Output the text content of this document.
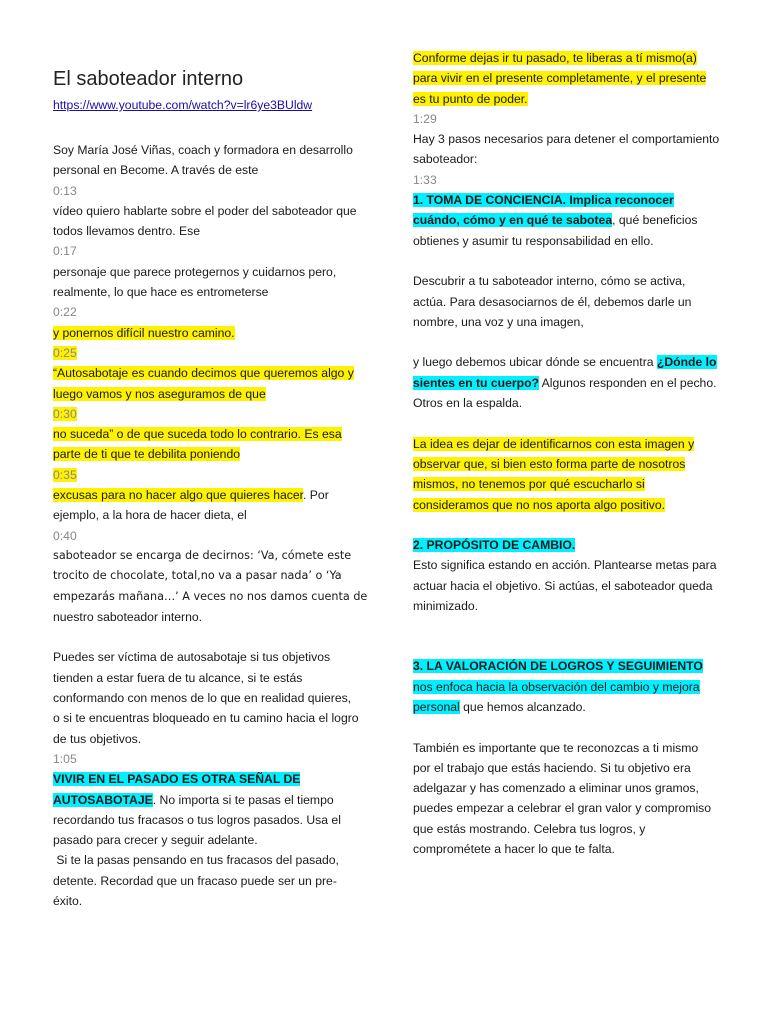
El saboteador interno
https://www.youtube.com/watch?v=lr6ye3BUldw

Soy María José Viñas, coach y formadora en desarrollo

personal en Become. A través de este

0:13

vídeo quiero hablarte sobre el poder del saboteador que

todos llevamos dentro. Ese

0:17

personaje que parece protegernos y cuidarnos pero,

realmente, lo que hace es entrometerse

0:22

y ponernos difícil nuestro camino.

0:25

“Autosabotaje es cuando decimos que queremos algo y

luego vamos y nos aseguramos de que

0:30

no suceda” o de que suceda todo lo contrario. Es esa

parte de ti que te debilita poniendo

0:35

excusas para no hacer algo que quieres hacer. Por

ejemplo, a la hora de hacer dieta, el

0:40

saboteador se encarga de decirnos: ‘Va, cómete este

trocito de chocolate, total,no va a pasar nada’ o ‘Ya

empezarás mañana…’ A veces no nos damos cuenta de

nuestro saboteador interno.

Puedes ser víctima de autosabotaje si tus objetivos

tienden a estar fuera de tu alcance, si te estás

conformando con menos de lo que en realidad quieres,

o si te encuentras bloqueado en tu camino hacia el logro

de tus objetivos.

1:05

VIVIR EN EL PASADO ES OTRA SEÑAL DE

AUTOSABOTAJE. No importa si te pasas el tiempo

recordando tus fracasos o tus logros pasados. Usa el

pasado para crecer y seguir adelante.

Si te la pasas pensando en tus fracasos del pasado,

detente. Recordad que un fracaso puede ser un pre-

éxito.

Conforme dejas ir tu pasado, te liberas a tí mismo(a)

para vivir en el presente completamente, y el presente

es tu punto de poder.

1:29

Hay 3 pasos necesarios para detener el comportamiento

saboteador:

1:33

1. TOMA DE CONCIENCIA. Implica reconocer

cuándo, cómo y en qué te sabotea, qué beneficios

obtienes y asumir tu responsabilidad en ello.

Descubrir a tu saboteador interno, cómo se activa,

actúa. Para desasociarnos de él, debemos darle un

nombre, una voz y una imagen,

y luego debemos ubicar dónde se encuentra ¿Dónde lo

sientes en tu cuerpo? Algunos responden en el pecho.

Otros en la espalda.

La idea es dejar de identificarnos con esta imagen y

observar que, si bien esto forma parte de nosotros

mismos, no tenemos por qué escucharlo si

consideramos que no nos aporta algo positivo.

2. PROPÓSITO DE CAMBIO.

Esto significa estando en acción. Plantearse metas para

actuar hacia el objetivo. Si actúas, el saboteador queda

minimizado.

3. LA VALORACIÓN DE LOGROS Y SEGUIMIENTO

nos enfoca hacia la observación del cambio y mejora

personal que hemos alcanzado.

También es importante que te reconozcas a ti mismo

por el trabajo que estás haciendo. Si tu objetivo era

adelgazar y has comenzado a eliminar unos gramos,

puedes empezar a celebrar el gran valor y compromiso

que estás mostrando. Celebra tus logros, y

comprométete a hacer lo que te falta.
